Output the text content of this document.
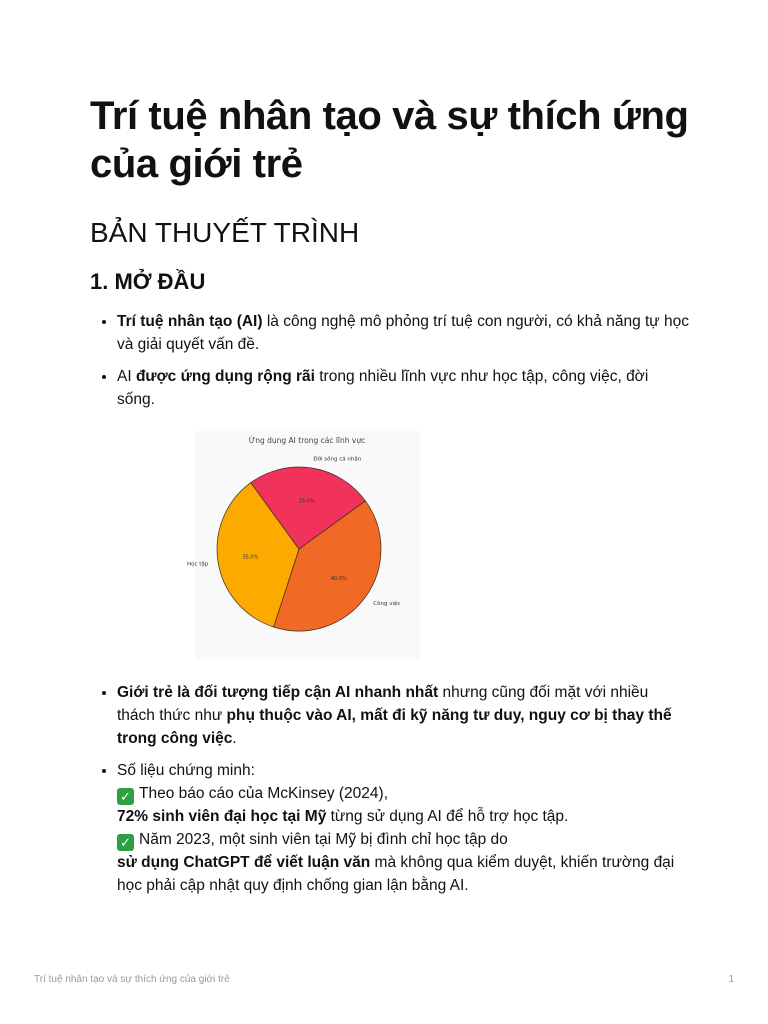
Trí tuệ nhân tạo và sự thích ứng của giới trẻ
BẢN THUYẾT TRÌNH
1. MỞ ĐẦU
• Trí tuệ nhân tạo (AI) là công nghệ mô phỏng trí tuệ con người, có khả năng tự học và giải quyết vấn đề.
• AI được ứng dụng rộng rãi trong nhiều lĩnh vực như học tập, công việc, đời sống.
Ứng dụng AI trong các lĩnh vực
40.0%
Công việc
35.0%
Học tập
25.0%
Đời sống cá nhân
• Giới trẻ là đối tượng tiếp cận AI nhanh nhất nhưng cũng đối mặt với nhiều thách thức như phụ thuộc vào AI, mất đi kỹ năng tư duy, nguy cơ bị thay thế trong công việc.
• Số liệu chứng minh:
✓ Theo báo cáo của McKinsey (2024),
72% sinh viên đại học tại Mỹ từng sử dụng AI để hỗ trợ học tập.
✓ Năm 2023, một sinh viên tại Mỹ bị đình chỉ học tập do
sử dụng ChatGPT để viết luận văn mà không qua kiểm duyệt, khiến trường đại học phải cập nhật quy định chống gian lận bằng AI.
Trí tuệ nhân tạo và sự thích ứng của giới trẻ	1
